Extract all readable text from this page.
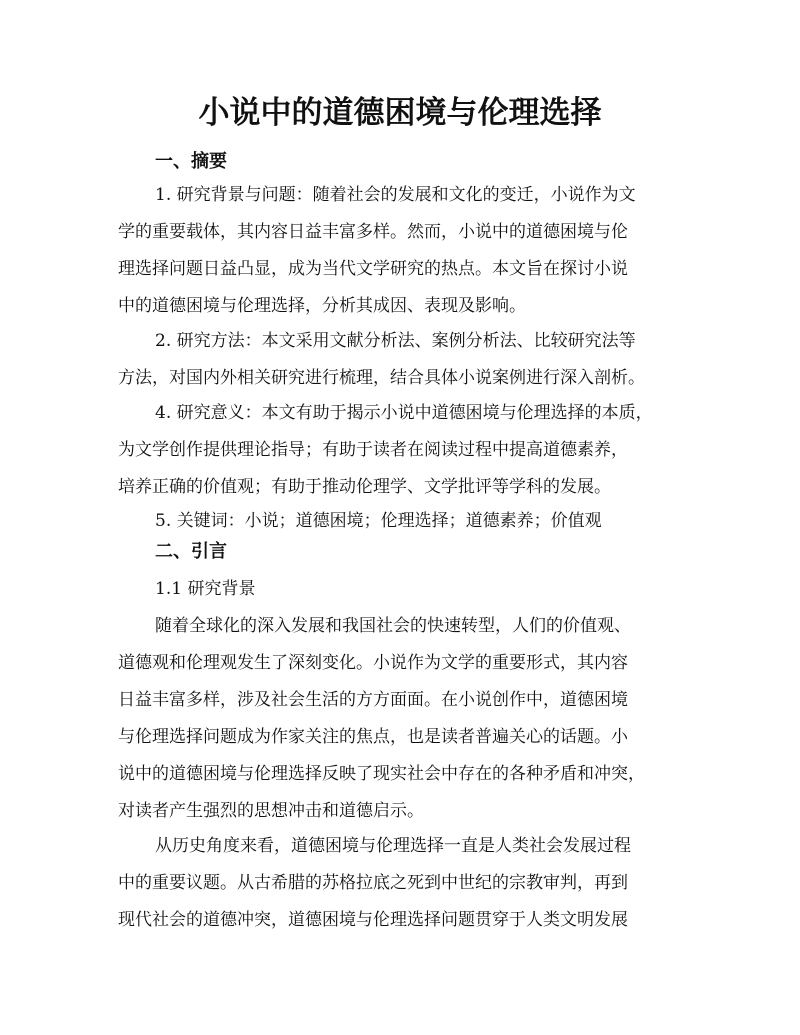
小说中的道德困境与伦理选择
一、摘要
1. 研究背景与问题：随着社会的发展和文化的变迁，小说作为文
学的重要载体，其内容日益丰富多样。然而，小说中的道德困境与伦
理选择问题日益凸显，成为当代文学研究的热点。本文旨在探讨小说
中的道德困境与伦理选择，分析其成因、表现及影响。
2. 研究方法：本文采用文献分析法、案例分析法、比较研究法等
方法，对国内外相关研究进行梳理，结合具体小说案例进行深入剖析。
4. 研究意义：本文有助于揭示小说中道德困境与伦理选择的本质，
为文学创作提供理论指导；有助于读者在阅读过程中提高道德素养，
培养正确的价值观；有助于推动伦理学、文学批评等学科的发展。
5. 关键词：小说；道德困境；伦理选择；道德素养；价值观
二、引言
1.1 研究背景
随着全球化的深入发展和我国社会的快速转型，人们的价值观、
道德观和伦理观发生了深刻变化。小说作为文学的重要形式，其内容
日益丰富多样，涉及社会生活的方方面面。在小说创作中，道德困境
与伦理选择问题成为作家关注的焦点，也是读者普遍关心的话题。小
说中的道德困境与伦理选择反映了现实社会中存在的各种矛盾和冲突，
对读者产生强烈的思想冲击和道德启示。
从历史角度来看，道德困境与伦理选择一直是人类社会发展过程
中的重要议题。从古希腊的苏格拉底之死到中世纪的宗教审判，再到
现代社会的道德冲突，道德困境与伦理选择问题贯穿于人类文明发展
